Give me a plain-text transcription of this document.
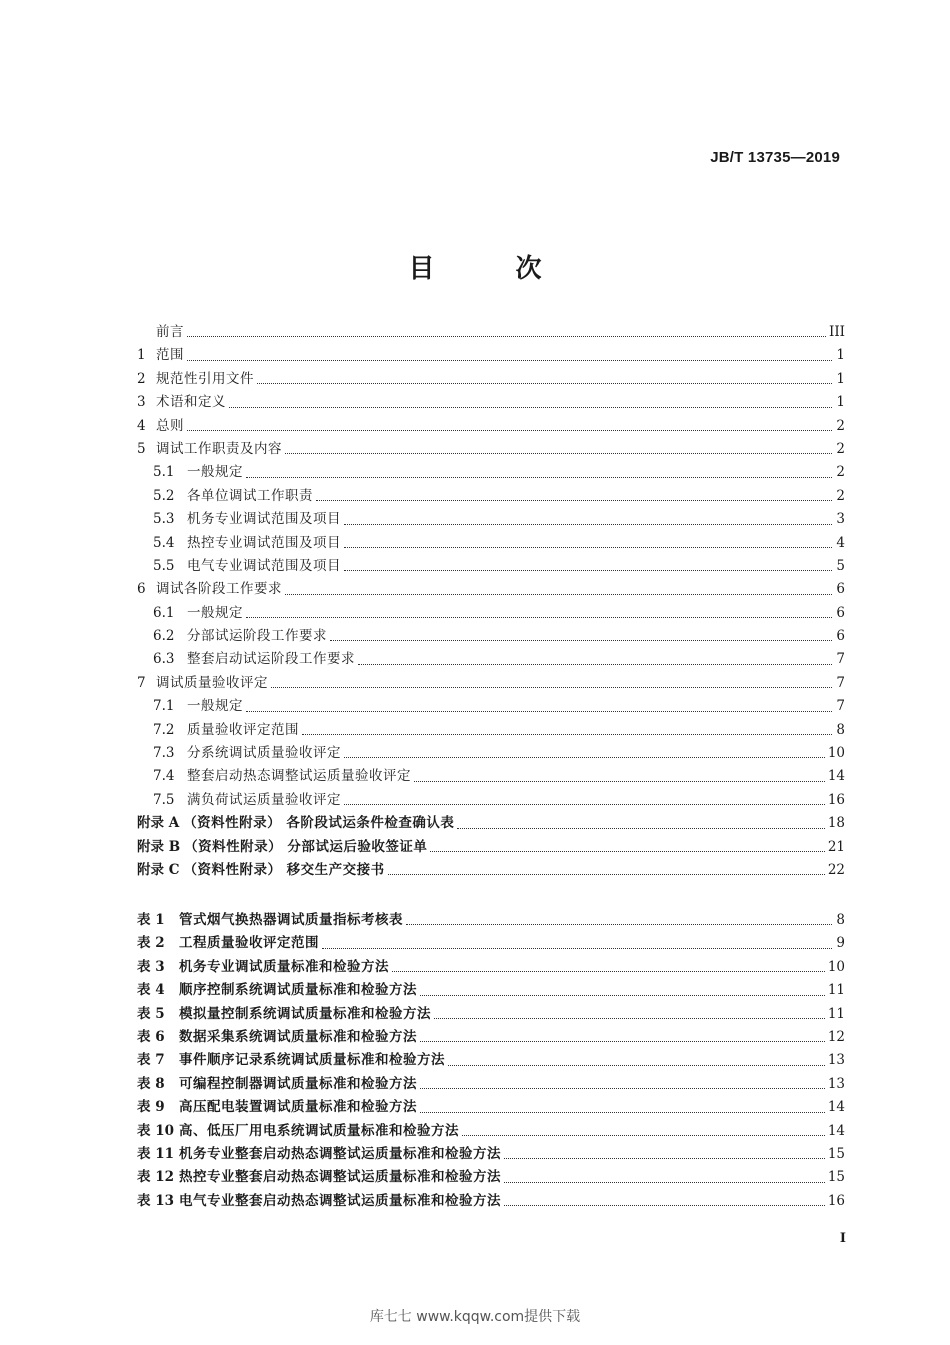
JB/T 13735—2019
目 次
前言	III
1 范围	1
2 规范性引用文件	1
3 术语和定义	1
4 总则	2
5 调试工作职责及内容	2
5.1 一般规定	2
5.2 各单位调试工作职责	2
5.3 机务专业调试范围及项目	3
5.4 热控专业调试范围及项目	4
5.5 电气专业调试范围及项目	5
6 调试各阶段工作要求	6
6.1 一般规定	6
6.2 分部试运阶段工作要求	6
6.3 整套启动试运阶段工作要求	7
7 调试质量验收评定	7
7.1 一般规定	7
7.2 质量验收评定范围	8
7.3 分系统调试质量验收评定	10
7.4 整套启动热态调整试运质量验收评定	14
7.5 满负荷试运质量验收评定	16
附录 A （资料性附录） 各阶段试运条件检查确认表	18
附录 B （资料性附录） 分部试运后验收签证单	21
附录 C （资料性附录） 移交生产交接书	22
表 1	管式烟气换热器调试质量指标考核表	8
表 2	工程质量验收评定范围	9
表 3	机务专业调试质量标准和检验方法	10
表 4	顺序控制系统调试质量标准和检验方法	11
表 5	模拟量控制系统调试质量标准和检验方法	11
表 6	数据采集系统调试质量标准和检验方法	12
表 7	事件顺序记录系统调试质量标准和检验方法	13
表 8	可编程控制器调试质量标准和检验方法	13
表 9	高压配电装置调试质量标准和检验方法	14
表 10 高、低压厂用电系统调试质量标准和检验方法	14
表 11 机务专业整套启动热态调整试运质量标准和检验方法	15
表 12 热控专业整套启动热态调整试运质量标准和检验方法	15
表 13 电气专业整套启动热态调整试运质量标准和检验方法	16
I
库七七 www.kqqw.com提供下载
